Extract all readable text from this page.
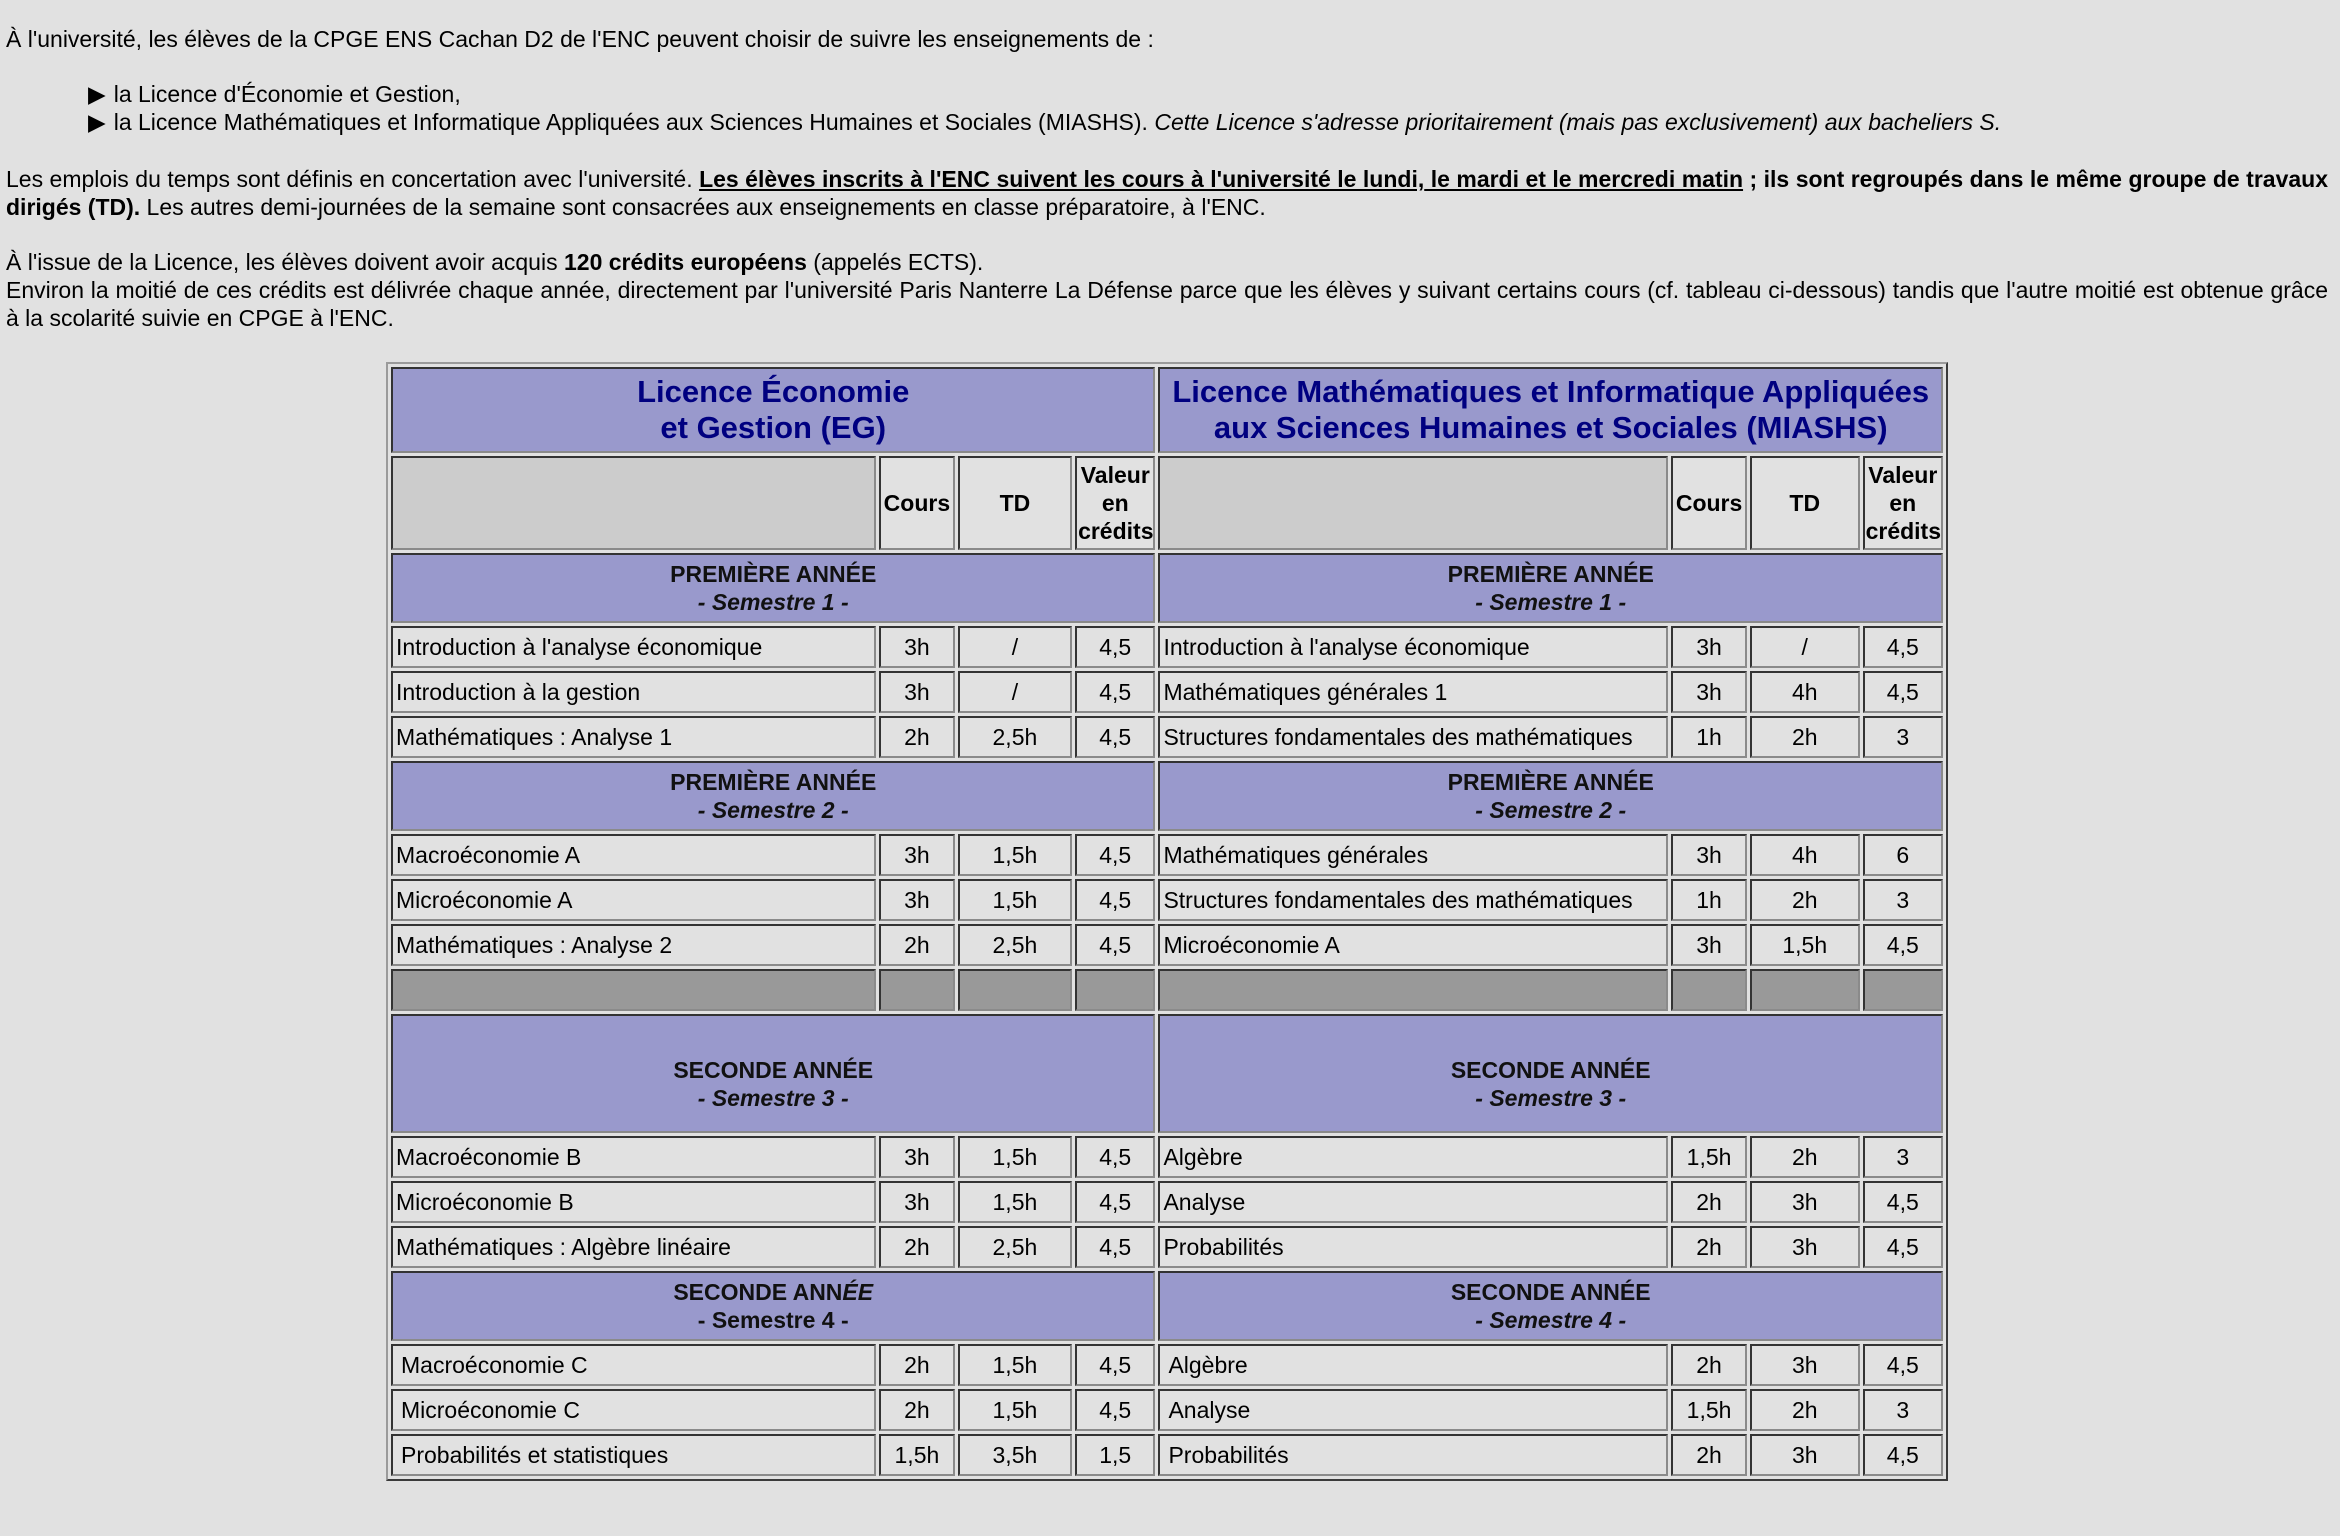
À l'université, les élèves de la CPGE ENS Cachan D2 de l'ENC peuvent choisir de suivre les enseignements de :

▶ la Licence d'Économie et Gestion,
▶ la Licence Mathématiques et Informatique Appliquées aux Sciences Humaines et Sociales (MIASHS). Cette Licence s'adresse prioritairement (mais pas exclusivement) aux bacheliers S.

Les emplois du temps sont définis en concertation avec l'université. Les élèves inscrits à l'ENC suivent les cours à l'université le lundi, le mardi et le mercredi matin ; ils sont regroupés dans le même groupe de travaux dirigés (TD). Les autres demi-journées de la semaine sont consacrées aux enseignements en classe préparatoire, à l'ENC.

À l'issue de la Licence, les élèves doivent avoir acquis 120 crédits européens (appelés ECTS).

Environ la moitié de ces crédits est délivrée chaque année, directement par l'université Paris Nanterre La Défense parce que les élèves y suivant certains cours (cf. tableau ci-dessous) tandis que l'autre moitié est obtenue grâce à la scolarité suivie en CPGE à l'ENC.

Licence Économie
et Gestion (EG)				Licence Mathématiques et Informatique Appliquées
aux Sciences Humaines et Sociales (MIASHS)			
	Cours	TD	Valeur
en
crédits		Cours	TD	Valeur
en
crédits
PREMIÈRE ANNÉE
- Semestre 1 -				PREMIÈRE ANNÉE
- Semestre 1 -			
Introduction à l'analyse économique	3h	/	4,5	Introduction à l'analyse économique	3h	/	4,5
Introduction à la gestion	3h	/	4,5	Mathématiques générales 1	3h	4h	4,5
Mathématiques : Analyse 1	2h	2,5h	4,5	Structures fondamentales des mathématiques	1h	2h	3
PREMIÈRE ANNÉE
- Semestre 2 -				PREMIÈRE ANNÉE
- Semestre 2 -			
Macroéconomie A	3h	1,5h	4,5	Mathématiques générales	3h	4h	6
Microéconomie A	3h	1,5h	4,5	Structures fondamentales des mathématiques	1h	2h	3
Mathématiques : Analyse 2	2h	2,5h	4,5	Microéconomie A	3h	1,5h	4,5

SECONDE ANNÉE
- Semestre 3 -				SECONDE ANNÉE
- Semestre 3 -			
Macroéconomie B	3h	1,5h	4,5	Algèbre	1,5h	2h	3
Microéconomie B	3h	1,5h	4,5	Analyse	2h	3h	4,5
Mathématiques : Algèbre linéaire	2h	2,5h	4,5	Probabilités	2h	3h	4,5
SECONDE ANNÉE
- Semestre 4 -				SECONDE ANNÉE
- Semestre 4 -			
Macroéconomie C	2h	1,5h	4,5	Algèbre	2h	3h	4,5
Microéconomie C	2h	1,5h	4,5	Analyse	1,5h	2h	3
Probabilités et statistiques	1,5h	3,5h	1,5	Probabilités	2h	3h	4,5
